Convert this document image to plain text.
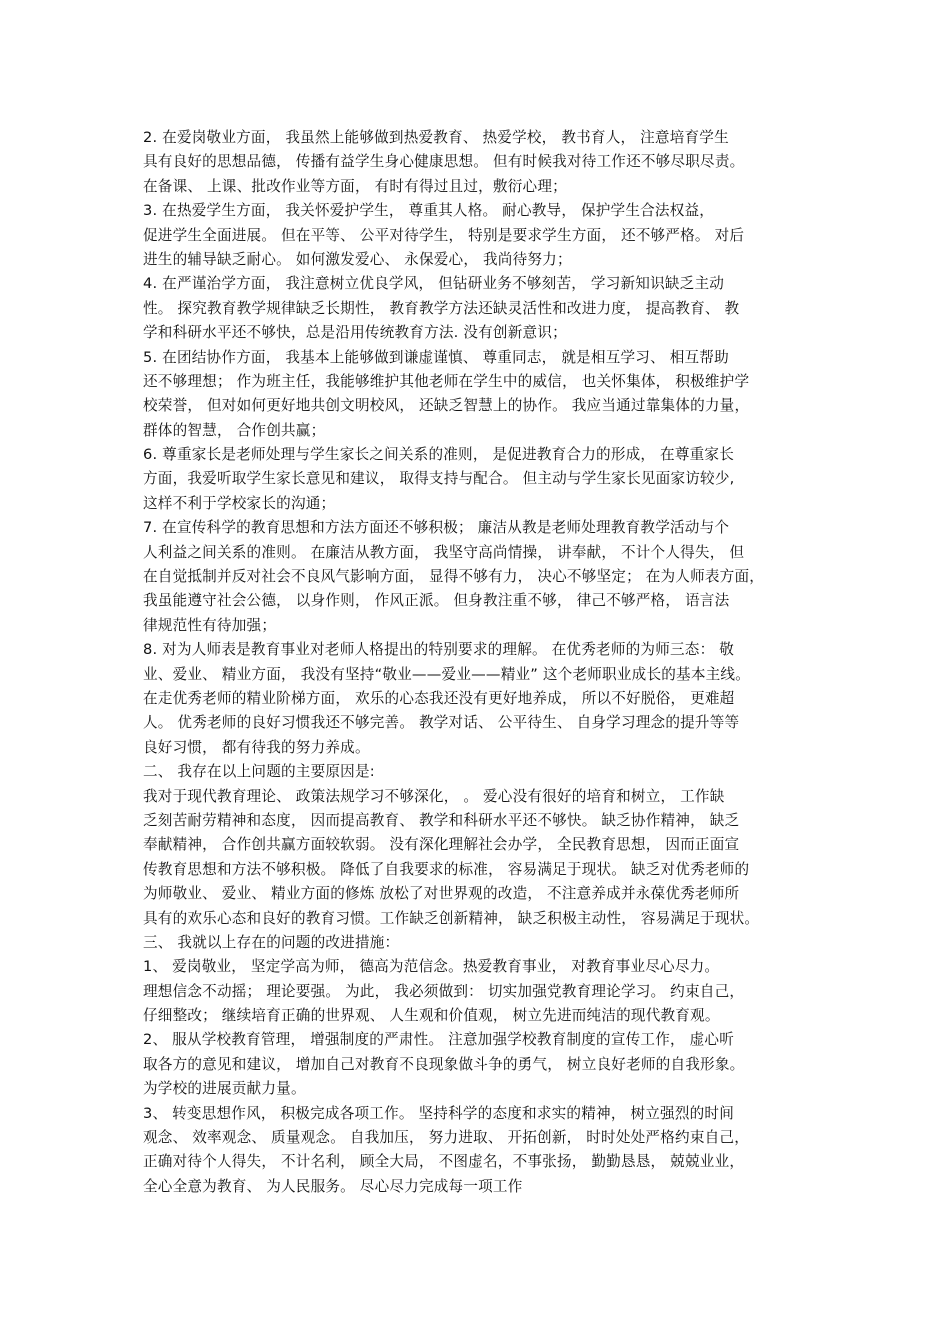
2. 在爱岗敬业方面， 我虽然上能够做到热爱教育、 热爱学校， 教书育人， 注意培育学生
具有良好的思想品德， 传播有益学生身心健康思想。 但有时候我对待工作还不够尽职尽责。
在备课、 上课、批改作业等方面， 有时有得过且过，敷衍心理；
3. 在热爱学生方面， 我关怀爱护学生， 尊重其人格。 耐心教导， 保护学生合法权益，
促进学生全面进展。 但在平等、 公平对待学生， 特别是要求学生方面， 还不够严格。 对后
进生的辅导缺乏耐心。 如何激发爱心、 永保爱心， 我尚待努力；
4. 在严谨治学方面， 我注意树立优良学风， 但钻研业务不够刻苦， 学习新知识缺乏主动
性。 探究教育教学规律缺乏长期性， 教育教学方法还缺灵活性和改进力度， 提高教育、 教
学和科研水平还不够快，总是沿用传统教育方法. 没有创新意识；
5. 在团结协作方面， 我基本上能够做到谦虚谨慎、 尊重同志， 就是相互学习、 相互帮助
还不够理想； 作为班主任，我能够维护其他老师在学生中的威信， 也关怀集体， 积极维护学
校荣誉， 但对如何更好地共创文明校风， 还缺乏智慧上的协作。 我应当通过靠集体的力量，
群体的智慧， 合作创共赢；
6. 尊重家长是老师处理与学生家长之间关系的准则， 是促进教育合力的形成， 在尊重家长
方面，我爱听取学生家长意见和建议， 取得支持与配合。 但主动与学生家长见面家访较少,
这样不利于学校家长的沟通；
7. 在宣传科学的教育思想和方法方面还不够积极； 廉洁从教是老师处理教育教学活动与个
人利益之间关系的准则。 在廉洁从教方面， 我坚守高尚情操， 讲奉献， 不计个人得失， 但
在自觉抵制并反对社会不良风气影响方面， 显得不够有力， 决心不够坚定； 在为人师表方面，
我虽能遵守社会公德， 以身作则， 作风正派。 但身教注重不够， 律己不够严格， 语言法
律规范性有待加强；
8. 对为人师表是教育事业对老师人格提出的特别要求的理解。 在优秀老师的为师三态： 敬
业、爱业、 精业方面， 我没有坚持“敬业——爱业——精业” 这个老师职业成长的基本主线。
在走优秀老师的精业阶梯方面， 欢乐的心态我还没有更好地养成， 所以不好脱俗， 更难超
人。 优秀老师的良好习惯我还不够完善。 教学对话、 公平待生、 自身学习理念的提升等等
良好习惯， 都有待我的努力养成。
二、 我存在以上问题的主要原因是:
我对于现代教育理论、 政策法规学习不够深化， 。 爱心没有很好的培育和树立， 工作缺
乏刻苦耐劳精神和态度， 因而提高教育、 教学和科研水平还不够快。 缺乏协作精神， 缺乏
奉献精神， 合作创共赢方面较软弱。 没有深化理解社会办学， 全民教育思想， 因而正面宣
传教育思想和方法不够积极。 降低了自我要求的标准， 容易满足于现状。 缺乏对优秀老师的
为师敬业、 爱业、 精业方面的修炼 放松了对世界观的改造， 不注意养成并永葆优秀老师所
具有的欢乐心态和良好的教育习惯。工作缺乏创新精神， 缺乏积极主动性， 容易满足于现状。
三、 我就以上存在的问题的改进措施：
1、 爱岗敬业， 坚定学高为师， 德高为范信念。热爱教育事业， 对教育事业尽心尽力。
理想信念不动摇； 理论要强。 为此， 我必须做到： 切实加强党教育理论学习。 约束自己，
仔细整改； 继续培育正确的世界观、 人生观和价值观， 树立先进而纯洁的现代教育观。
2、 服从学校教育管理， 增强制度的严肃性。 注意加强学校教育制度的宣传工作， 虚心听
取各方的意见和建议， 增加自己对教育不良现象做斗争的勇气， 树立良好老师的自我形象。
为学校的进展贡献力量。
3、 转变思想作风， 积极完成各项工作。 坚持科学的态度和求实的精神， 树立强烈的时间
观念、 效率观念、 质量观念。 自我加压， 努力进取、 开拓创新， 时时处处严格约束自己，
正确对待个人得失， 不计名利， 顾全大局， 不图虚名，不事张扬， 勤勤恳恳， 兢兢业业，
全心全意为教育、 为人民服务。 尽心尽力完成每一项工作
